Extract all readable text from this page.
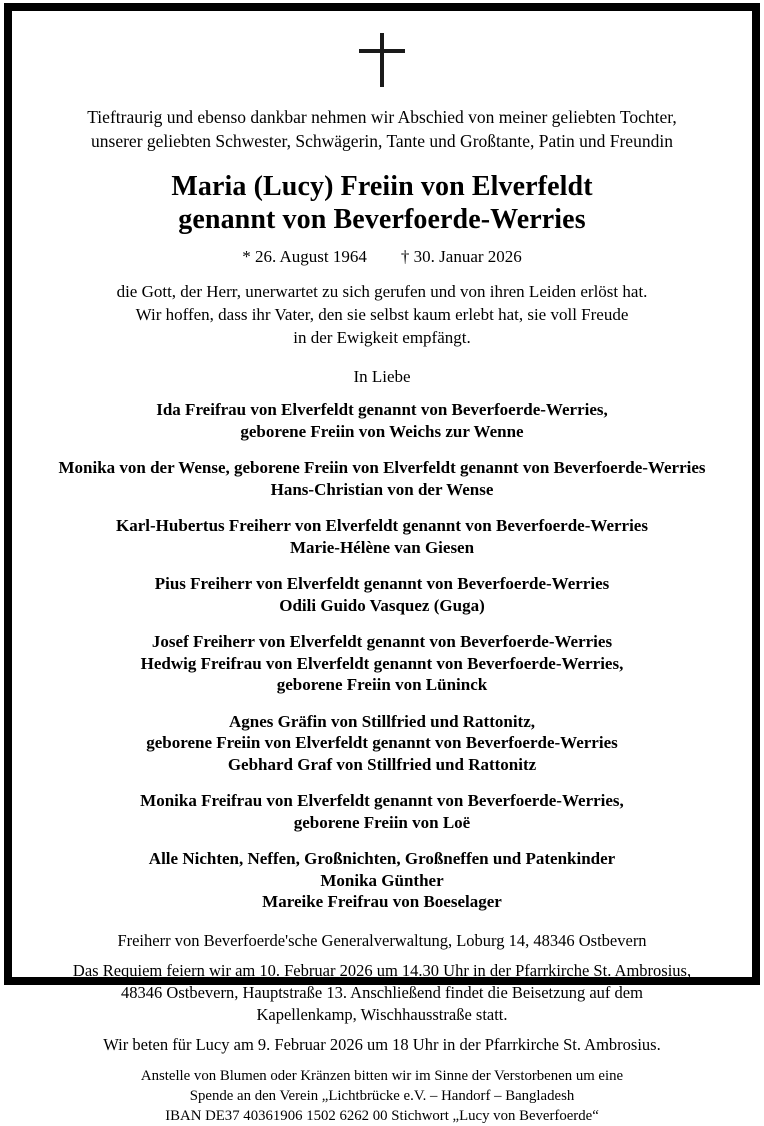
Tieftraurig und ebenso dankbar nehmen wir Abschied von meiner geliebten Tochter,
unserer geliebten Schwester, Schwägerin, Tante und Großtante, Patin und Freundin
Maria (Lucy) Freiin von Elverfeldt
genannt von Beverfoerde-Werries
* 26. August 1964 † 30. Januar 2026
die Gott, der Herr, unerwartet zu sich gerufen und von ihren Leiden erlöst hat.
Wir hoffen, dass ihr Vater, den sie selbst kaum erlebt hat, sie voll Freude
in der Ewigkeit empfängt.
In Liebe
Ida Freifrau von Elverfeldt genannt von Beverfoerde-Werries,
geborene Freiin von Weichs zur Wenne
Monika von der Wense, geborene Freiin von Elverfeldt genannt von Beverfoerde-Werries
Hans-Christian von der Wense
Karl-Hubertus Freiherr von Elverfeldt genannt von Beverfoerde-Werries
Marie-Hélène van Giesen
Pius Freiherr von Elverfeldt genannt von Beverfoerde-Werries
Odili Guido Vasquez (Guga)
Josef Freiherr von Elverfeldt genannt von Beverfoerde-Werries
Hedwig Freifrau von Elverfeldt genannt von Beverfoerde-Werries,
geborene Freiin von Lüninck
Agnes Gräfin von Stillfried und Rattonitz,
geborene Freiin von Elverfeldt genannt von Beverfoerde-Werries
Gebhard Graf von Stillfried und Rattonitz
Monika Freifrau von Elverfeldt genannt von Beverfoerde-Werries,
geborene Freiin von Loë
Alle Nichten, Neffen, Großnichten, Großneffen und Patenkinder
Monika Günther
Mareike Freifrau von Boeselager
Freiherr von Beverfoerde'sche Generalverwaltung, Loburg 14, 48346 Ostbevern
Das Requiem feiern wir am 10. Februar 2026 um 14.30 Uhr in der Pfarrkirche St. Ambrosius,
48346 Ostbevern, Hauptstraße 13. Anschließend findet die Beisetzung auf dem
Kapellenkamp, Wischhausstraße statt.
Wir beten für Lucy am 9. Februar 2026 um 18 Uhr in der Pfarrkirche St. Ambrosius.
Anstelle von Blumen oder Kränzen bitten wir im Sinne der Verstorbenen um eine
Spende an den Verein „Lichtbrücke e.V. – Handorf – Bangladesh
IBAN DE37 40361906 1502 6262 00 Stichwort „Lucy von Beverfoerde“
